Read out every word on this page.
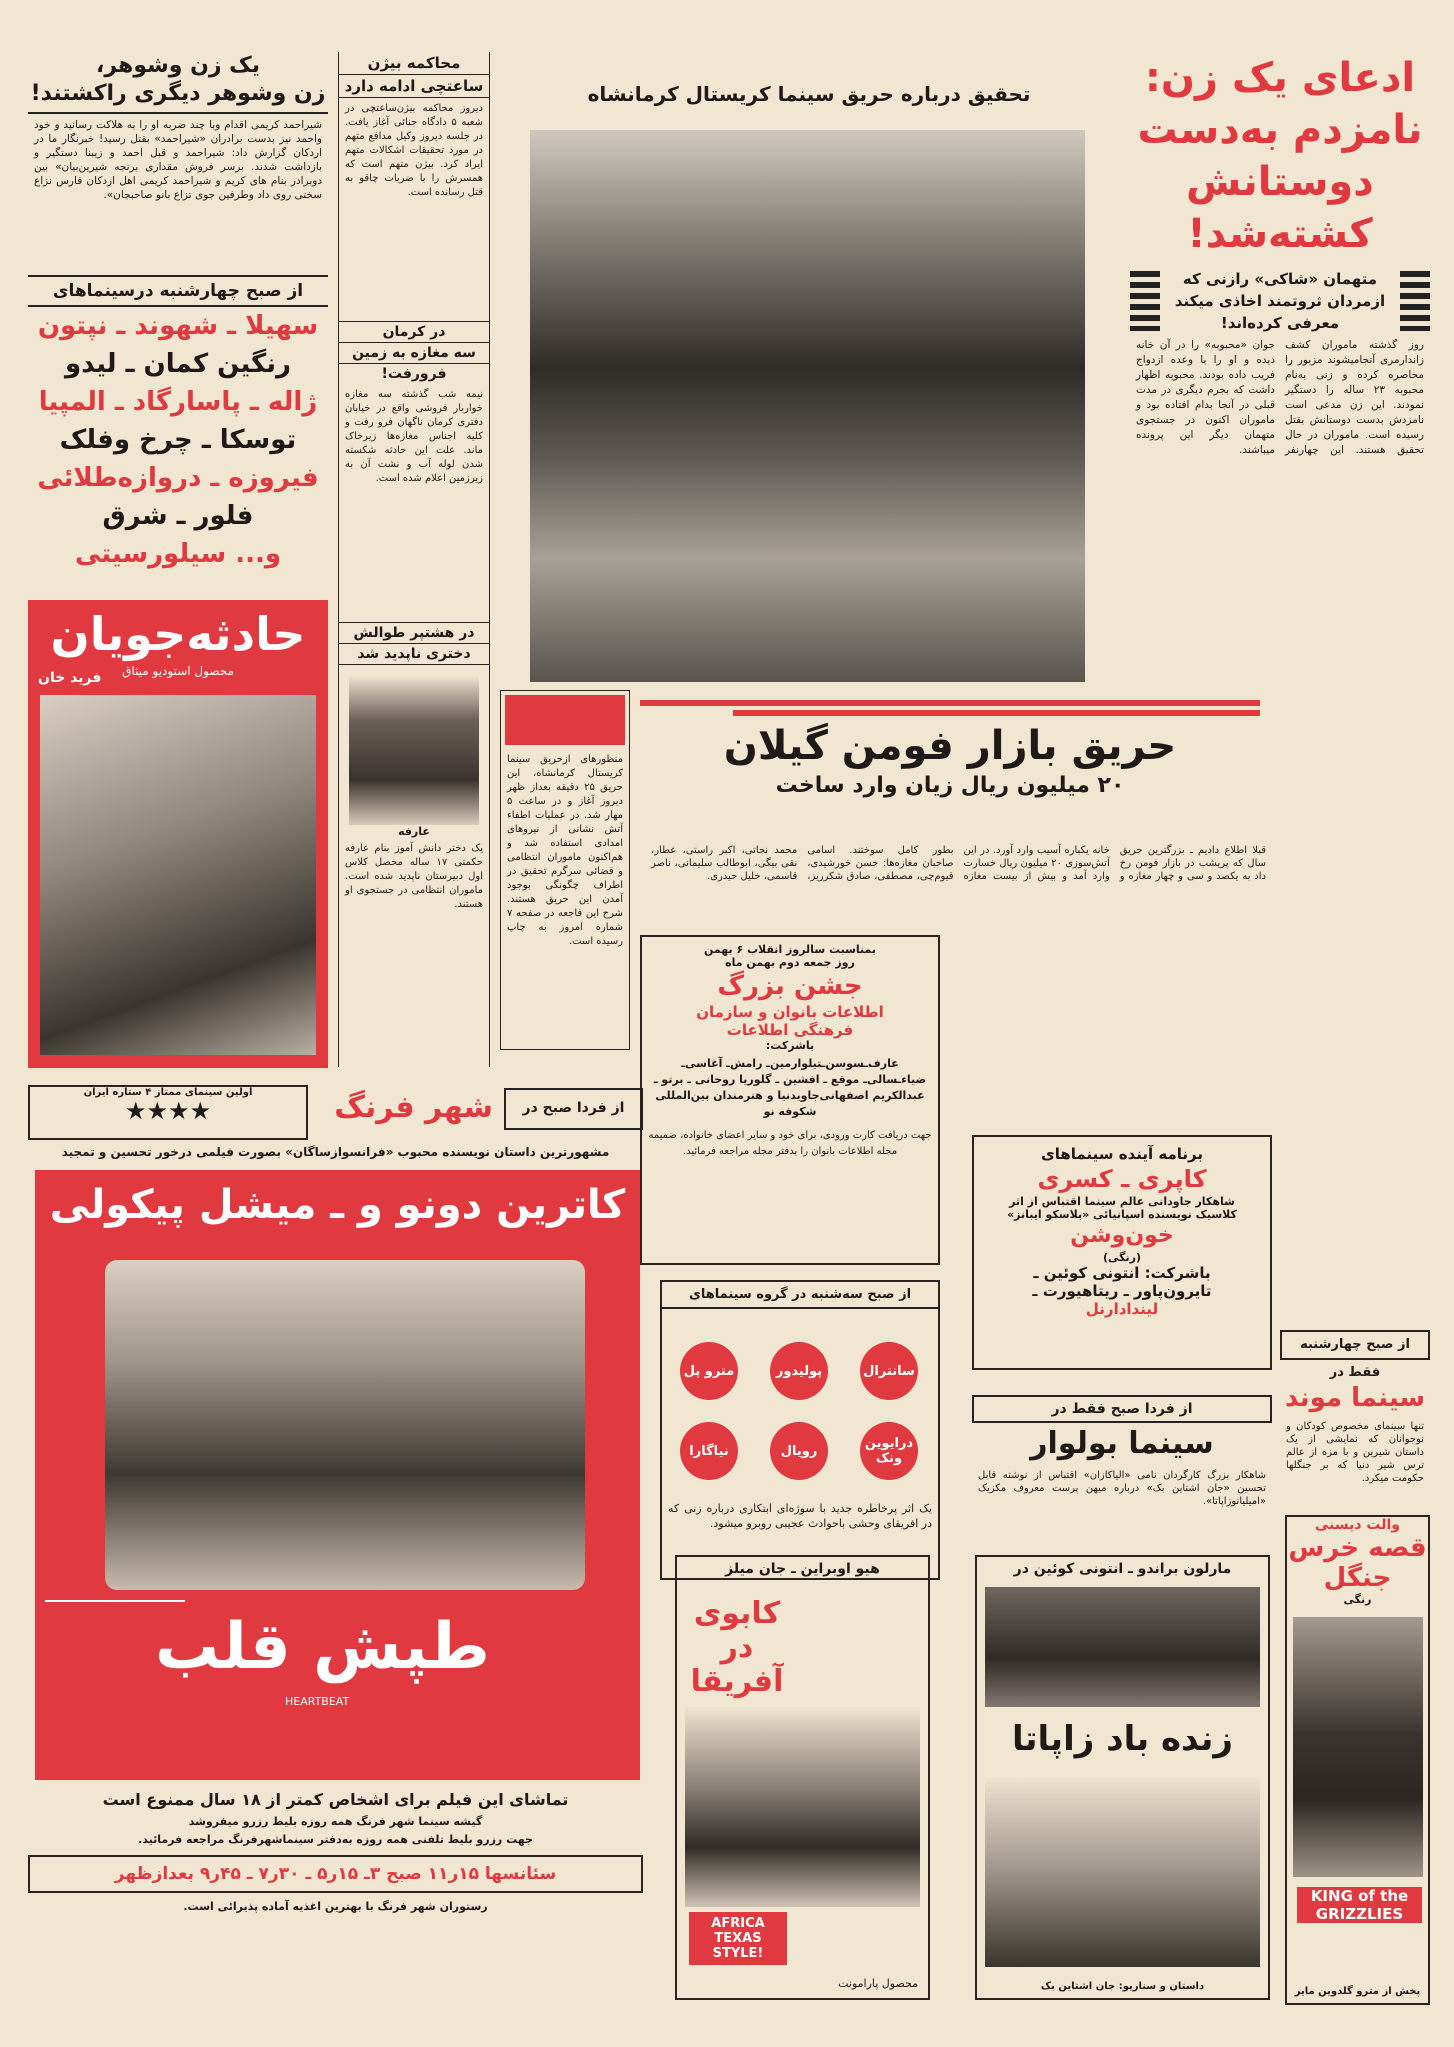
یک زن وشوهر،
زن وشوهر دیگری راکشتند!
شیراحمد کریمی اقدام وبا چند ضربه او را به هلاکت رسانید و خود واحمد نیز بدست برادران «شیراحمد» بقتل رسید! خبرنگار ما در اردکان گزارش داد: شیراحمد و قبل احمد و زیبنا دستگیر و بازداشت شدند. برسر فروش مقداری برنجه شیرین‌بیان» بین دوبرادر بنام های کریم و شیراحمد کریمی اهل اردکان فارس نزاع سختی روی داد وطرفین جوی تزاع بانو صاحبجان».
از صبح چهارشنبه درسینماهای
سهیلا ـ شهوند ـ نپتون
رنگین کمان ـ لیدو
ژاله ـ پاسارگاد ـ المپیا
توسکا ـ چرخ وفلک
فیروزه ـ دروازه‌طلائی
فلور ـ شرق
و... سیلورسیتی
حادثه‌جویان
محصول استودیو میثاق
فرید خان
محاکمه بیژن
ساعتچی ادامه دارد
دیروز محاکمه بیژن‌ساعتچی در شعبه ۵ دادگاه جنائی آغاز یافت. در جلسه دیروز وکیل مدافع متهم در مورد تحقیقات اشکالات متهم ایراد کرد. بیژن متهم است که همسرش را با ضربات چاقو به قتل رسانده است.
در کرمان
سه مغازه به زمین
فرورفت!
نیمه شب گذشته سه مغازه خواربار فروشی واقع در خیابان دفتری کرمان ناگهان فرو رفت و کلیه اجناس مغازه‌ها زیرخاک ماند. علت این حادثه شکسته شدن لوله آب و نشت آن به زیرزمین اعلام شده است.
در هشتپر طوالش
دختری ناپدید شد
عارفه
یک دختر دانش آموز بنام عارفه حکمتی ۱۷ ساله محصل کلاس اول دبیرستان ناپدید شده است. ماموران انتظامی در جستجوی او هستند.
تحقیق درباره حریق سینما کریستال کرمانشاه
منظورهای ازحریق سینما کریستال کرمانشاه، این حریق ۲۵ دقیقه بعداز ظهر دیروز آغاز و در ساعت ۵ مهار شد. در عملیات اطفاء آتش نشانی از نیروهای امدادی استفاده شد و هم‌اکنون ماموران انتظامی و قضائی سرگرم تحقیق در اطراف چگونگی بوجود آمدن این حریق هستند. شرح این فاجعه در صفحه ۷ شماره امروز به چاپ رسیده است.
حریق بازار فومن گیلان
۲۰ میلیون ریال زیان وارد ساخت
قبلا اطلاع دادیم ـ بزرگترین حریق سال که پریشب در بازار فومن رخ داد به یکصد و سی و چهار مغازه و خانه یکباره آسیب وارد آورد. در این آتش‌سوزی ۲۰ میلیون ریال خسارت وارد آمد و بیش از بیست مغازه بطور کامل سوختند. اسامی صاحبان مغازه‌ها: حسن خورشیدی، قیوم‌چی، مصطفی، صادق شکرریز، محمد نجاتی، اکبر راستی، عطار، نقی بیگی، ابوطالب سلیمانی، ناصر قاسمی، خلیل حیدری.
بمناسبت سالروز انقلاب ۶ بهمن
روز جمعه دوم بهمن ماه
جشن بزرگ
اطلاعات بانوان و سازمان
فرهنگی اطلاعات
باشرکت:
عارف‌ـسوسن‌ـتیلوارمین‌ـ رامش‌ـ آغاسی‌ـ ضیاء‌ـسالی‌ـ موقع ـ افشین ـ گلوریا روحانی ـ برتو ـ عبدالکریم اصفهانی‌جاویدنیا و هنرمندان بین‌المللی شکوفه نو
جهت دریافت کارت ورودی، برای خود و سایر اعضای خانواده، ضمیمه مجله اطلاعات بانوان را بدفتر مجله مراجعه فرمائید.
از صبح سه‌شنبه در گروه سینماهای
سانترال
پولیدور
مترو پل
درایوین ونک
رویال
نیاگارا
یک اثر پرخاطره جدید با سوژه‌ای ابتکاری درباره زنی که در افریقای وحشی باحوادث عجیبی روبرو میشود.
هیو اوبراین ـ جان میلز
کابوی در آفریقا
AFRICA TEXAS STYLE!
محصول پارامونت
ادعای یک زن:
نامزدم به‌دست
دوستانش کشته‌شد!
متهمان «شاکی» رازنی که ازمردان ثروتمند اخاذی میکند معرفی کرده‌اند!
روز گذشته ماموران کشف زاندارمری آنجامیشوند مزبور را محاصره کرده و زنی به‌نام محبوبه ۲۳ ساله را دستگیر نمودند. این زن مدعی است نامزدش بدست دوستانش بقتل رسیده است. ماموران در حال تحقیق هستند. این چهارنفر جوان «محبوبه» را در آن خانه دیده و او را با وعده ازدواج فریب داده بودند. محبوبه اظهار داشت که بجرم دیگری در مدت قبلی در آنجا بدام افتاده بود و ماموران اکنون در جستجوی متهمان دیگر این پرونده میباشند.
از صبح چهارشنبه
فقط در
سینما موند
تنها سینمای مخصوص کودکان و نوجوانان که نمایشی از یک داستان شیرین و با مزه از عالم ترس شیر دنیا که بر جنگلها حکومت میکرد.
والت دیسنی
قصه خرس جنگل
رنگی
KING of the GRIZZLIES
پخش از مترو گلدوین مایر
برنامه آینده سینماهای
کاپری ـ کسری
شاهکار جاودانی عالم سینما اقتباس از اثر
کلاسیک نویسنده اسپانیائی «بلاسکو ایبانز»
خون‌وشن
(رنگی)
باشرکت: انتونی کوئین ـ
تایرون‌پاور ـ ریتاهیورت ـ
لیندادارنل
از فردا صبح فقط در
سینما بولوار
شاهکار بزرگ کارگردان نامی «الیاکازان» اقتباس از نوشته قابل تحسین «جان اشتاین بک» درباره میهن پرست معروف مکزیک «امیلیانوزاپاتا».
مارلون براندو ـ انتونی کوئین در
زنده باد زاپاتا
داستان و سناریو: جان اشتاین بک
از فردا صبح در
شهر فرنگ
اولین سینمای ممتاز ۴ ستاره ایران
★★★★
مشهورترین داستان نویسنده محبوب «فرانسواز‌ساگان» بصورت فیلمی درخور تحسین و تمجید
کاترین دونو و ـ میشل پیکولی
طپش قلب
HEARTBEAT
تماشای این فیلم برای اشخاص کمتر از ۱۸ سال ممنوع است
گیشه سینما شهر فرنگ همه روزه بلیط رزرو میفروشد
جهت رزرو بلیط تلفنی همه روزه به‌دفتر سینماشهرفرنگ مراجعه فرمائید.
سئانسها ۱۵ر۱۱ صبح ۳ـ ۱۵ر۵ ـ ۳۰ر۷ ـ ۴۵ر۹ بعدازظهر
رستوران شهر فرنگ با بهترین اغذیه آماده پذیرائی است.
